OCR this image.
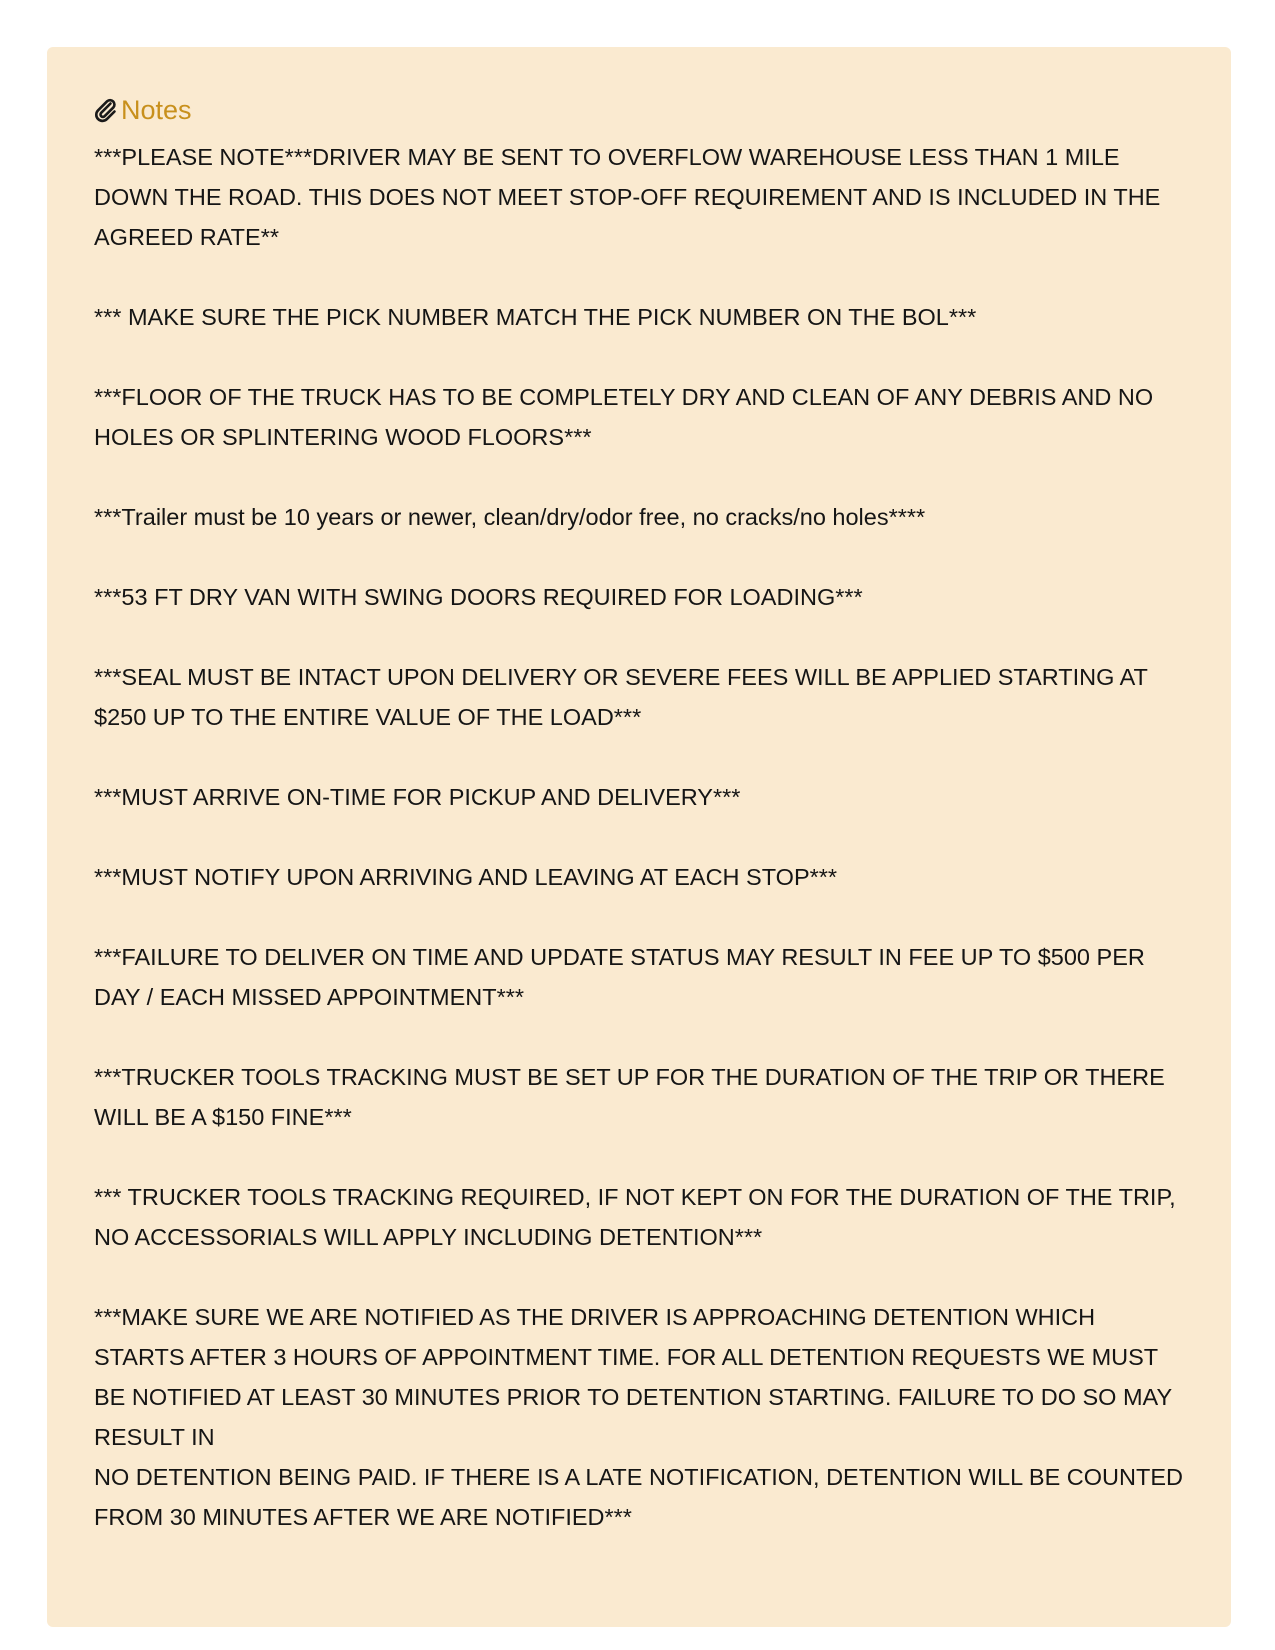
Notes

***PLEASE NOTE***DRIVER MAY BE SENT TO OVERFLOW WAREHOUSE LESS THAN 1 MILE DOWN THE ROAD. THIS DOES NOT MEET STOP-OFF REQUIREMENT AND IS INCLUDED IN THE AGREED RATE**

*** MAKE SURE THE PICK NUMBER MATCH THE PICK NUMBER ON THE BOL***

***FLOOR OF THE TRUCK HAS TO BE COMPLETELY DRY AND CLEAN OF ANY DEBRIS AND NO HOLES OR SPLINTERING WOOD FLOORS***

***Trailer must be 10 years or newer, clean/dry/odor free, no cracks/no holes****

***53 FT DRY VAN WITH SWING DOORS REQUIRED FOR LOADING***

***SEAL MUST BE INTACT UPON DELIVERY OR SEVERE FEES WILL BE APPLIED STARTING AT $250 UP TO THE ENTIRE VALUE OF THE LOAD***

***MUST ARRIVE ON-TIME FOR PICKUP AND DELIVERY***

***MUST NOTIFY UPON ARRIVING AND LEAVING AT EACH STOP***

***FAILURE TO DELIVER ON TIME AND UPDATE STATUS MAY RESULT IN FEE UP TO $500 PER DAY / EACH MISSED APPOINTMENT***

***TRUCKER TOOLS TRACKING MUST BE SET UP FOR THE DURATION OF THE TRIP OR THERE WILL BE A $150 FINE***

*** TRUCKER TOOLS TRACKING REQUIRED, IF NOT KEPT ON FOR THE DURATION OF THE TRIP, NO ACCESSORIALS WILL APPLY INCLUDING DETENTION***

***MAKE SURE WE ARE NOTIFIED AS THE DRIVER IS APPROACHING DETENTION WHICH STARTS AFTER 3 HOURS OF APPOINTMENT TIME. FOR ALL DETENTION REQUESTS WE MUST BE NOTIFIED AT LEAST 30 MINUTES PRIOR TO DETENTION STARTING. FAILURE TO DO SO MAY RESULT IN
NO DETENTION BEING PAID. IF THERE IS A LATE NOTIFICATION, DETENTION WILL BE COUNTED FROM 30 MINUTES AFTER WE ARE NOTIFIED***
